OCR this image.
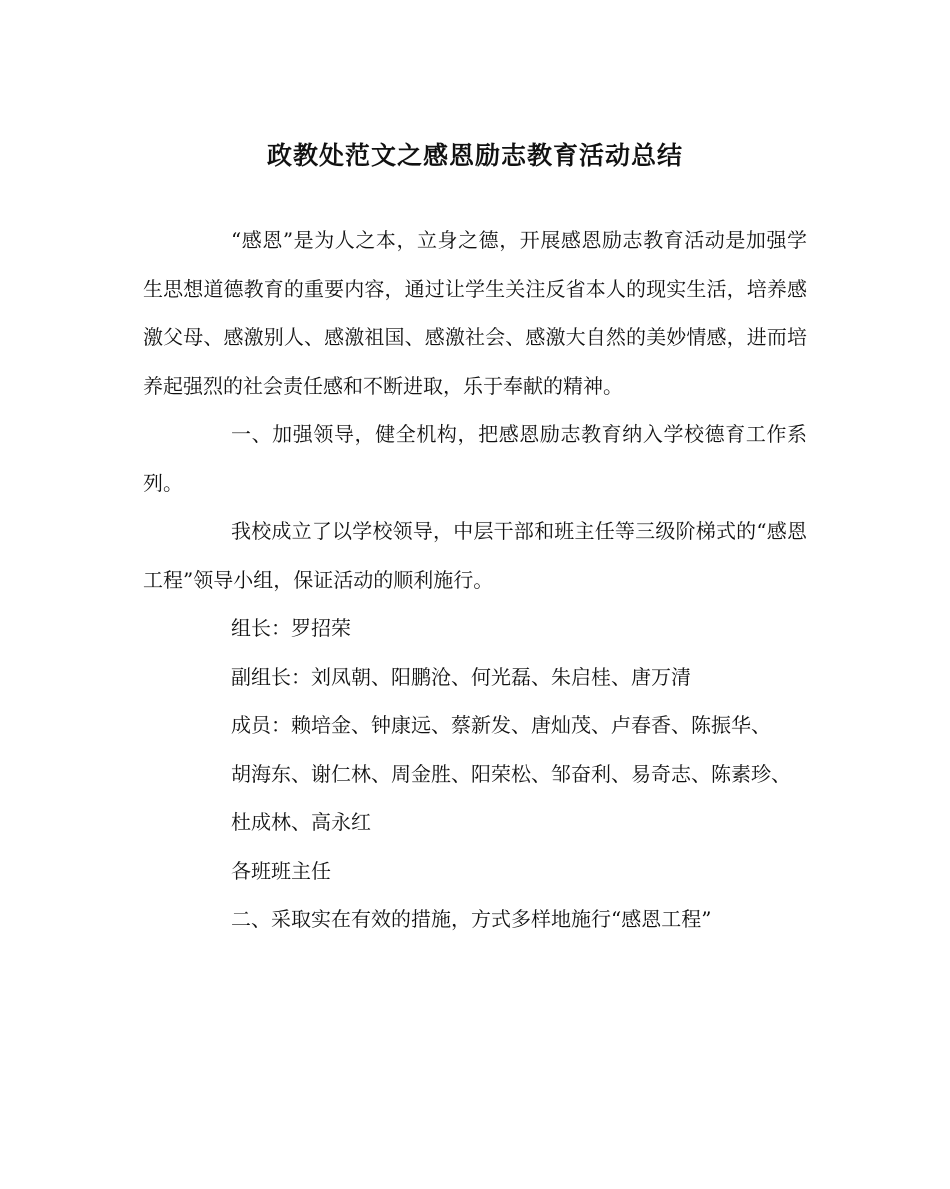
政教处范文之感恩励志教育活动总结

“感恩”是为人之本，立身之德，开展感恩励志教育活动是加强学生思想道德教育的重要内容，通过让学生关注反省本人的现实生活，培养感激父母、感激别人、感激祖国、感激社会、感激大自然的美妙情感，进而培养起强烈的社会责任感和不断进取，乐于奉献的精神。

一、加强领导，健全机构，把感恩励志教育纳入学校德育工作系列。

我校成立了以学校领导，中层干部和班主任等三级阶梯式的“感恩工程”领导小组，保证活动的顺利施行。

组长：罗招荣

副组长：刘凤朝、阳鹏沧、何光磊、朱启桂、唐万清

成员：赖培金、钟康远、蔡新发、唐灿茂、卢春香、陈振华、

胡海东、谢仁林、周金胜、阳荣松、邹奋利、易奇志、陈素珍、

杜成林、高永红

各班班主任

二、采取实在有效的措施，方式多样地施行“感恩工程”
